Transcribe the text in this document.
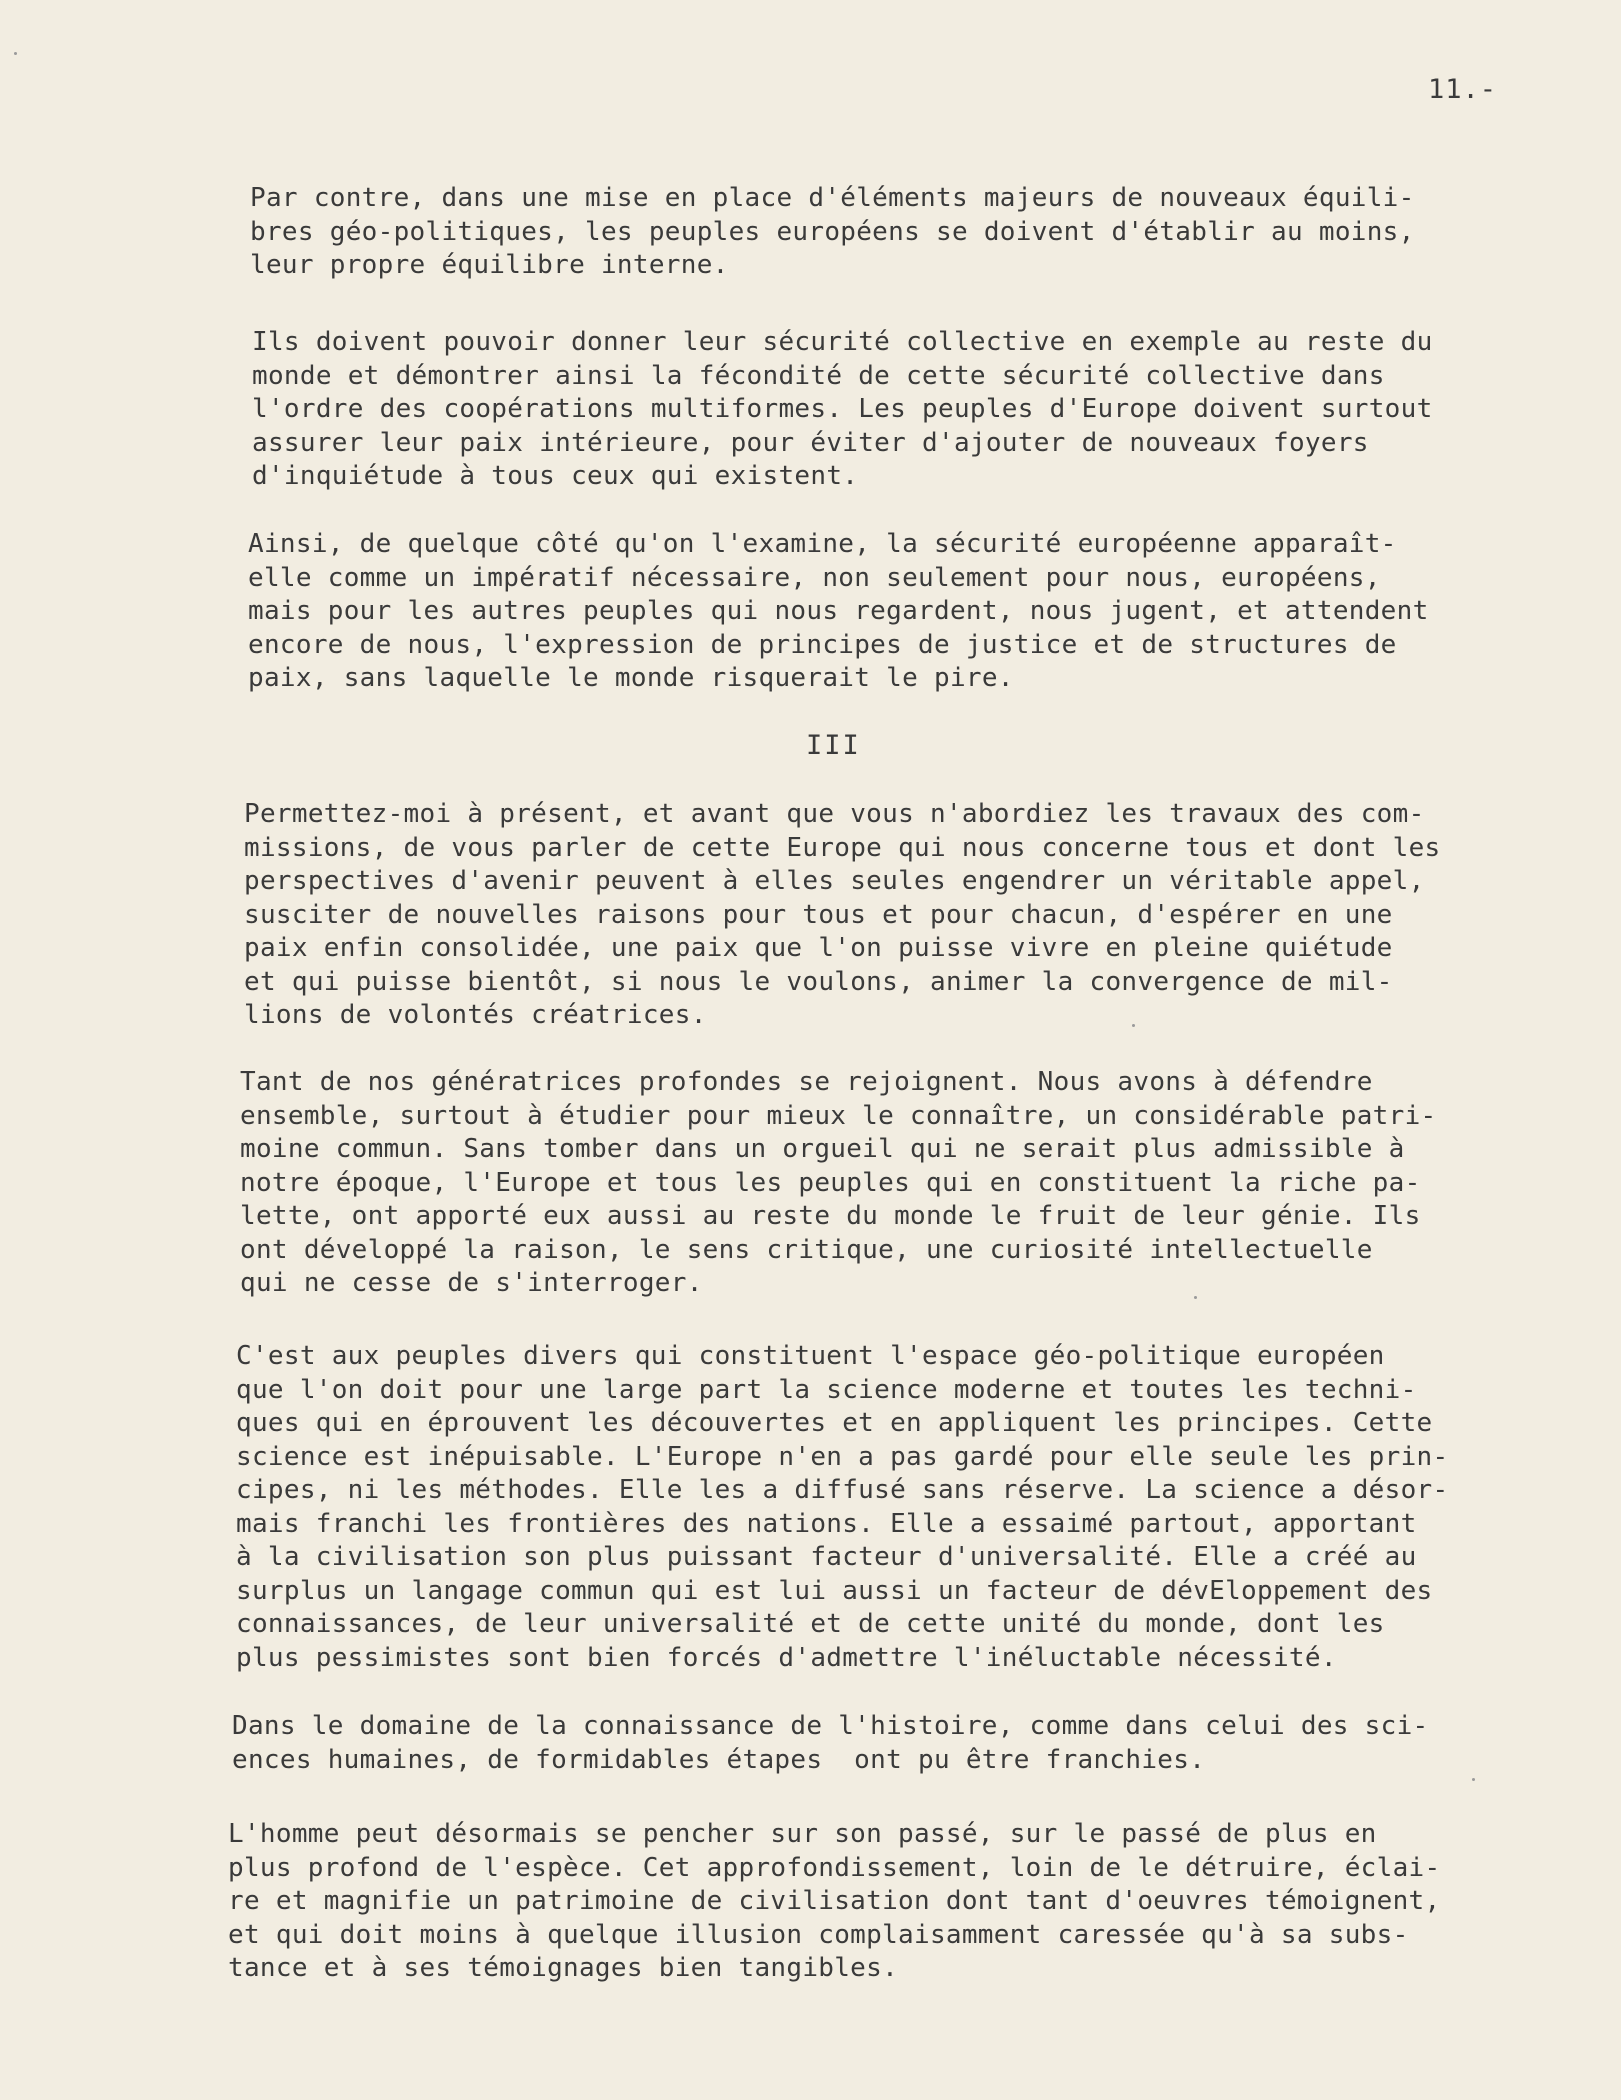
11.-
Par contre, dans une mise en place d'éléments majeurs de nouveaux équili-
bres géo-politiques, les peuples européens se doivent d'établir au moins,
leur propre équilibre interne.
Ils doivent pouvoir donner leur sécurité collective en exemple au reste du
monde et démontrer ainsi la fécondité de cette sécurité collective dans
l'ordre des coopérations multiformes. Les peuples d'Europe doivent surtout
assurer leur paix intérieure, pour éviter d'ajouter de nouveaux foyers
d'inquiétude à tous ceux qui existent.
Ainsi, de quelque côté qu'on l'examine, la sécurité européenne apparaît-
elle comme un impératif nécessaire, non seulement pour nous, européens,
mais pour les autres peuples qui nous regardent, nous jugent, et attendent
encore de nous, l'expression de principes de justice et de structures de
paix, sans laquelle le monde risquerait le pire.
III
Permettez-moi à présent, et avant que vous n'abordiez les travaux des com-
missions, de vous parler de cette Europe qui nous concerne tous et dont les
perspectives d'avenir peuvent à elles seules engendrer un véritable appel,
susciter de nouvelles raisons pour tous et pour chacun, d'espérer en une
paix enfin consolidée, une paix que l'on puisse vivre en pleine quiétude
et qui puisse bientôt, si nous le voulons, animer la convergence de mil-
lions de volontés créatrices.
Tant de nos génératrices profondes se rejoignent. Nous avons à défendre
ensemble, surtout à étudier pour mieux le connaître, un considérable patri-
moine commun. Sans tomber dans un orgueil qui ne serait plus admissible à
notre époque, l'Europe et tous les peuples qui en constituent la riche pa-
lette, ont apporté eux aussi au reste du monde le fruit de leur génie. Ils
ont développé la raison, le sens critique, une curiosité intellectuelle
qui ne cesse de s'interroger.
C'est aux peuples divers qui constituent l'espace géo-politique européen
que l'on doit pour une large part la science moderne et toutes les techni-
ques qui en éprouvent les découvertes et en appliquent les principes. Cette
science est inépuisable. L'Europe n'en a pas gardé pour elle seule les prin-
cipes, ni les méthodes. Elle les a diffusé sans réserve. La science a désor-
mais franchi les frontières des nations. Elle a essaimé partout, apportant
à la civilisation son plus puissant facteur d'universalité. Elle a créé au
surplus un langage commun qui est lui aussi un facteur de dévEloppement des
connaissances, de leur universalité et de cette unité du monde, dont les
plus pessimistes sont bien forcés d'admettre l'inéluctable nécessité.
Dans le domaine de la connaissance de l'histoire, comme dans celui des sci-
ences humaines, de formidables étapes  ont pu être franchies.
L'homme peut désormais se pencher sur son passé, sur le passé de plus en
plus profond de l'espèce. Cet approfondissement, loin de le détruire, éclai-
re et magnifie un patrimoine de civilisation dont tant d'oeuvres témoignent,
et qui doit moins à quelque illusion complaisamment caressée qu'à sa subs-
tance et à ses témoignages bien tangibles.
